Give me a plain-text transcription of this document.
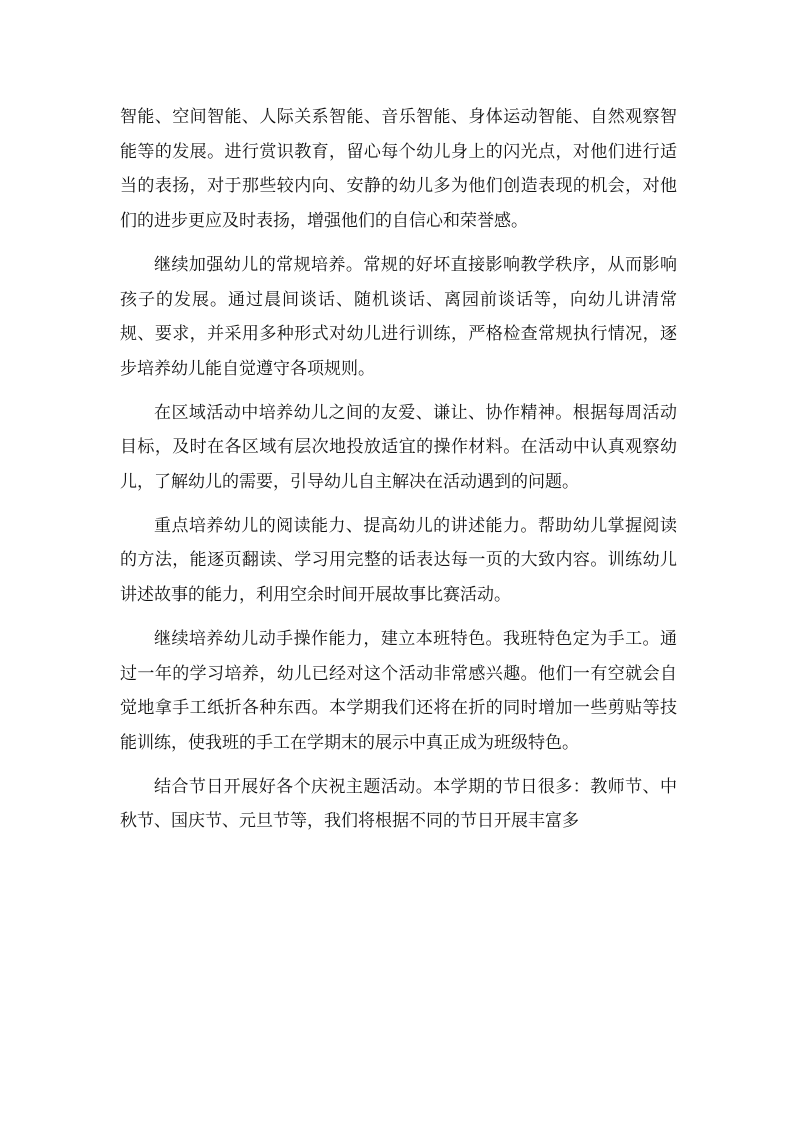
智能、空间智能、人际关系智能、音乐智能、身体运动智能、自然观察智能等的发展。进行赏识教育，留心每个幼儿身上的闪光点，对他们进行适当的表扬，对于那些较内向、安静的幼儿多为他们创造表现的机会，对他们的进步更应及时表扬，增强他们的自信心和荣誉感。

继续加强幼儿的常规培养。常规的好坏直接影响教学秩序，从而影响孩子的发展。通过晨间谈话、随机谈话、离园前谈话等，向幼儿讲清常规、要求，并采用多种形式对幼儿进行训练，严格检查常规执行情况，逐步培养幼儿能自觉遵守各项规则。

在区域活动中培养幼儿之间的友爱、谦让、协作精神。根据每周活动目标，及时在各区域有层次地投放适宜的操作材料。在活动中认真观察幼儿，了解幼儿的需要，引导幼儿自主解决在活动遇到的问题。

重点培养幼儿的阅读能力、提高幼儿的讲述能力。帮助幼儿掌握阅读的方法，能逐页翻读、学习用完整的话表达每一页的大致内容。训练幼儿讲述故事的能力，利用空余时间开展故事比赛活动。

继续培养幼儿动手操作能力，建立本班特色。我班特色定为手工。通过一年的学习培养，幼儿已经对这个活动非常感兴趣。他们一有空就会自觉地拿手工纸折各种东西。本学期我们还将在折的同时增加一些剪贴等技能训练，使我班的手工在学期末的展示中真正成为班级特色。

结合节日开展好各个庆祝主题活动。本学期的节日很多：教师节、中秋节、国庆节、元旦节等，我们将根据不同的节日开展丰富多
